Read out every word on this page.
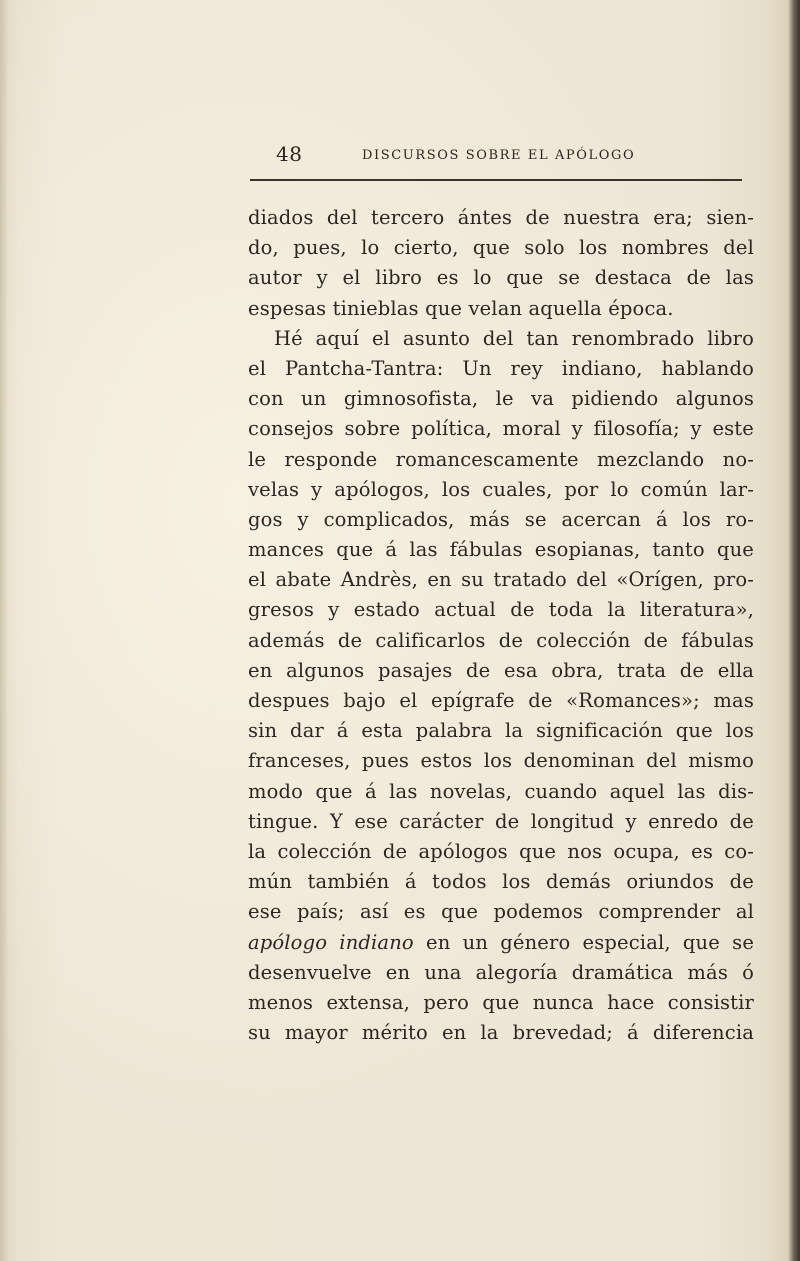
48	DISCURSOS SOBRE EL APÓLOGO
diados del tercero ántes de nuestra era; sien-
do, pues, lo cierto, que solo los nombres del
autor y el libro es lo que se destaca de las
espesas tinieblas que velan aquella época.
Hé aquí el asunto del tan renombrado libro
el Pantcha-Tantra: Un rey indiano, hablando
con un gimnosofista, le va pidiendo algunos
consejos sobre política, moral y filosofía; y este
le responde romancescamente mezclando no-
velas y apólogos, los cuales, por lo común lar-
gos y complicados, más se acercan á los ro-
mances que á las fábulas esopianas, tanto que
el abate Andrès, en su tratado del «Orígen, pro-
gresos y estado actual de toda la literatura»,
además de calificarlos de colección de fábulas
en algunos pasajes de esa obra, trata de ella
despues bajo el epígrafe de «Romances»; mas
sin dar á esta palabra la significación que los
franceses, pues estos los denominan del mismo
modo que á las novelas, cuando aquel las dis-
tingue. Y ese carácter de longitud y enredo de
la colección de apólogos que nos ocupa, es co-
mún también á todos los demás oriundos de
ese país; así es que podemos comprender al
apólogo indiano en un género especial, que se
desenvuelve en una alegoría dramática más ó
menos extensa, pero que nunca hace consistir
su mayor mérito en la brevedad; á diferencia
